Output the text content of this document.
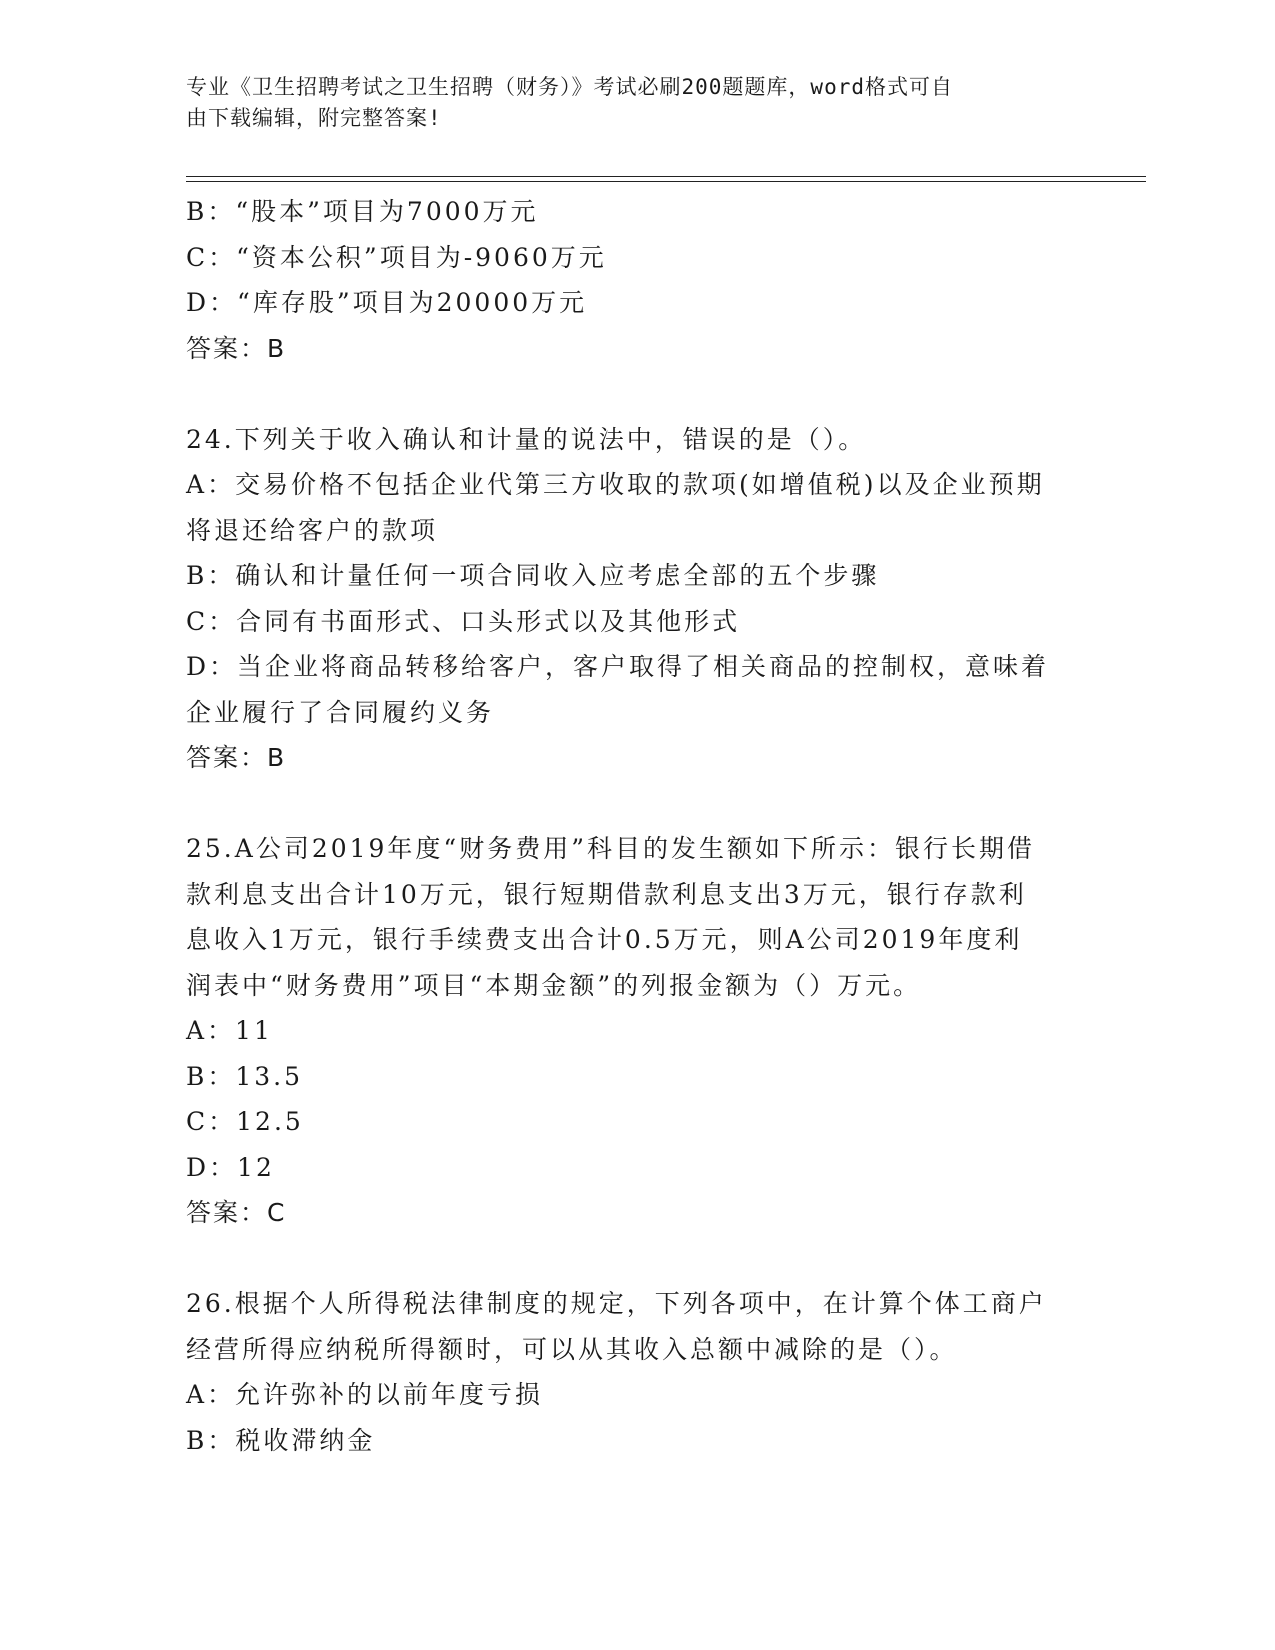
专业《卫生招聘考试之卫生招聘（财务）》考试必刷200题题库，word格式可自
由下载编辑，附完整答案!
B：“股本”项目为7000万元
C：“资本公积”项目为-9060万元
D：“库存股”项目为20000万元
答案：B
24.下列关于收入确认和计量的说法中，错误的是（）。
A：交易价格不包括企业代第三方收取的款项(如增值税)以及企业预期
将退还给客户的款项
B：确认和计量任何一项合同收入应考虑全部的五个步骤
C：合同有书面形式、口头形式以及其他形式
D：当企业将商品转移给客户，客户取得了相关商品的控制权，意味着
企业履行了合同履约义务
答案：B
25.A公司2019年度“财务费用”科目的发生额如下所示：银行长期借
款利息支出合计10万元，银行短期借款利息支出3万元，银行存款利
息收入1万元，银行手续费支出合计0.5万元，则A公司2019年度利
润表中“财务费用”项目“本期金额”的列报金额为（）万元。
A：11
B：13.5
C：12.5
D：12
答案：C
26.根据个人所得税法律制度的规定，下列各项中，在计算个体工商户
经营所得应纳税所得额时，可以从其收入总额中减除的是（）。
A：允许弥补的以前年度亏损
B：税收滞纳金
